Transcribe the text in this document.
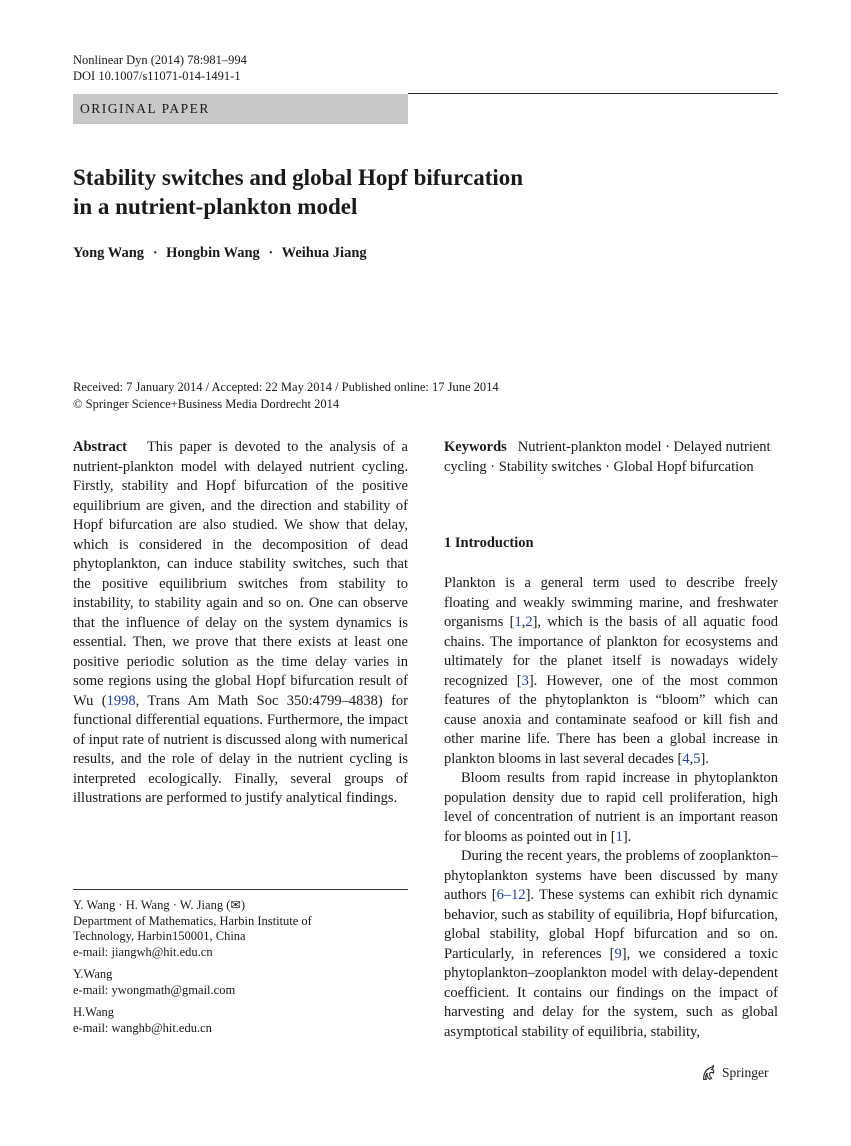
Nonlinear Dyn (2014) 78:981–994
DOI 10.1007/s11071-014-1491-1
ORIGINAL PAPER
Stability switches and global Hopf bifurcation
in a nutrient-plankton model
Yong Wang · Hongbin Wang · Weihua Jiang
Received: 7 January 2014 / Accepted: 22 May 2014 / Published online: 17 June 2014
© Springer Science+Business Media Dordrecht 2014

Abstract This paper is devoted to the analysis of a nutrient-plankton model with delayed nutrient cycling. Firstly, stability and Hopf bifurcation of the positive equilibrium are given, and the direction and stability of Hopf bifurcation are also studied. We show that delay, which is considered in the decomposition of dead phytoplankton, can induce stability switches, such that the positive equilibrium switches from stability to instability, to stability again and so on. One can observe that the influence of delay on the system dynamics is essential. Then, we prove that there exists at least one positive periodic solution as the time delay varies in some regions using the global Hopf bifurcation result of Wu (1998, Trans Am Math Soc 350:4799–4838) for functional differential equations. Furthermore, the impact of input rate of nutrient is discussed along with numerical results, and the role of delay in the nutrient cycling is interpreted ecologically. Finally, several groups of illustrations are performed to justify analytical findings.

Keywords Nutrient-plankton model · Delayed nutrient cycling · Stability switches · Global Hopf bifurcation

1 Introduction

Plankton is a general term used to describe freely floating and weakly swimming marine, and freshwater organisms [1,2], which is the basis of all aquatic food chains. The importance of plankton for ecosystems and ultimately for the planet itself is nowadays widely recognized [3]. However, one of the most common features of the phytoplankton is “bloom” which can cause anoxia and contaminate seafood or kill fish and other marine life. There has been a global increase in plankton blooms in last several decades [4,5].

Bloom results from rapid increase in phytoplankton population density due to rapid cell proliferation, high level of concentration of nutrient is an important reason for blooms as pointed out in [1].

During the recent years, the problems of zooplankton–phytoplankton systems have been discussed by many authors [6–12]. These systems can exhibit rich dynamic behavior, such as stability of equilibria, Hopf bifurcation, global stability, global Hopf bifurcation and so on. Particularly, in references [9], we considered a toxic phytoplankton–zooplankton model with delay-dependent coefficient. It contains our findings on the impact of harvesting and delay for the system, such as global asymptotical stability of equilibria, stability,

Y. Wang · H. Wang · W. Jiang (✉)
Department of Mathematics, Harbin Institute of
Technology, Harbin150001, China
e-mail: jiangwh@hit.edu.cn
Y.Wang
e-mail: ywongmath@gmail.com
H.Wang
e-mail: wanghb@hit.edu.cn
Springer
